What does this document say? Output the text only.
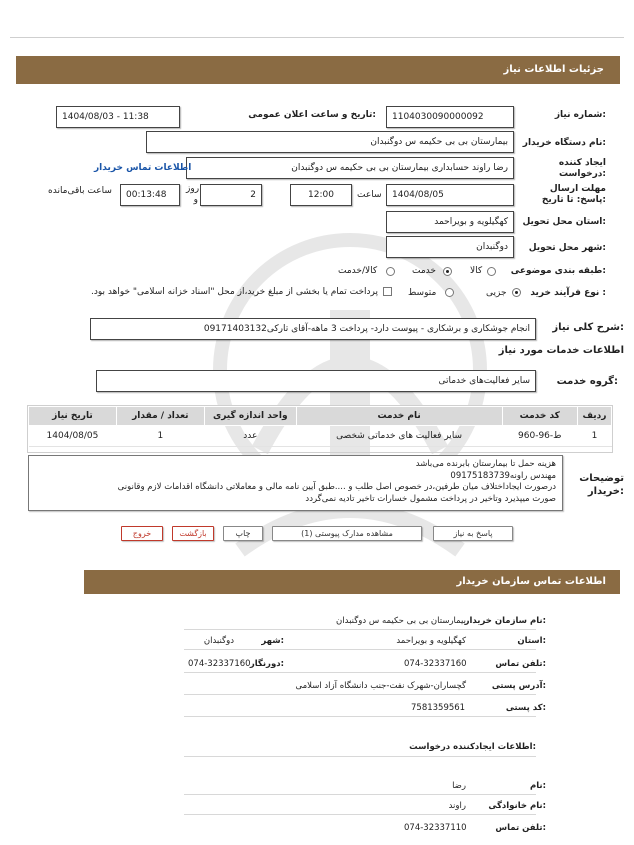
جزئیات اطلاعات نیاز
شماره نیاز:
1104030090000092
تاریخ و ساعت اعلان عمومی:
1404/08/03 - 11:38
نام دستگاه خریدار:
بیمارستان بی بی حکیمه س دوگنبدان
ایجاد کننده درخواست:
رضا راوند حسابداری بیمارستان بی بی حکیمه س دوگنبدان
اطلاعات تماس خریدار
مهلت ارسال پاسخ: تا تاریخ:
1404/08/05
ساعت
12:00
2
روز و
00:13:48
ساعت باقی‌مانده
استان محل تحویل:
کهگیلویه و بویراحمد
شهر محل تحویل:
دوگنبدان
طبقه بندی موضوعی:
کالا
خدمت
کالا/خدمت
نوع فرآیند خرید :
جزیی
متوسط
پرداخت تمام یا بخشی از مبلغ خرید،از محل "اسناد خزانه اسلامی" خواهد بود.
شرح کلی نیاز:
انجام جوشکاری و برشکاری - پیوست دارد- پرداخت 3 ماهه-آقای تارکی09171403132
اطلاعات خدمات مورد نیاز
گروه خدمت:
سایر فعالیت‌های خدماتی
ردیف	کد خدمت	نام خدمت	واحد اندازه گیری	تعداد / مقدار	تاریخ نیاز
1	ط-96-960	سایر فعالیت های خدماتی شخصی	عدد	1	1404/08/05
توضیحات خریدار:
هزینه حمل تا بیمارستان بابرنده می‌باشد
مهندس راونه09175183739
درصورت ایجاداختلاف میان طرفین،در خصوص اصل طلب و ....طبق آیین نامه مالی و معاملاتی دانشگاه اقدامات لازم وقانونی
صورت میپذیرد وتاخیر در پرداخت مشمول خسارات تاخیر تادیه نمی‌گردد
پاسخ به نیاز
مشاهده مدارک پیوستی (1)
چاپ
بازگشت
خروج
اطلاعات تماس سازمان خریدار
نام سازمان خریدار:
بیمارستان بی بی حکیمه س دوگنبدان
استان:
کهگیلویه و بویراحمد
شهر:
دوگنبدان
تلفن تماس:
074-32337160
دورنگار:
074-32337160
آدرس پستی:
گچساران-شهرک نفت-جنب دانشگاه آزاد اسلامی
کد پستی:
7581359561
اطلاعات ایجادکننده درخواست:
نام:
رضا
نام خانوادگی:
راوند
تلفن تماس:
074-32337110
